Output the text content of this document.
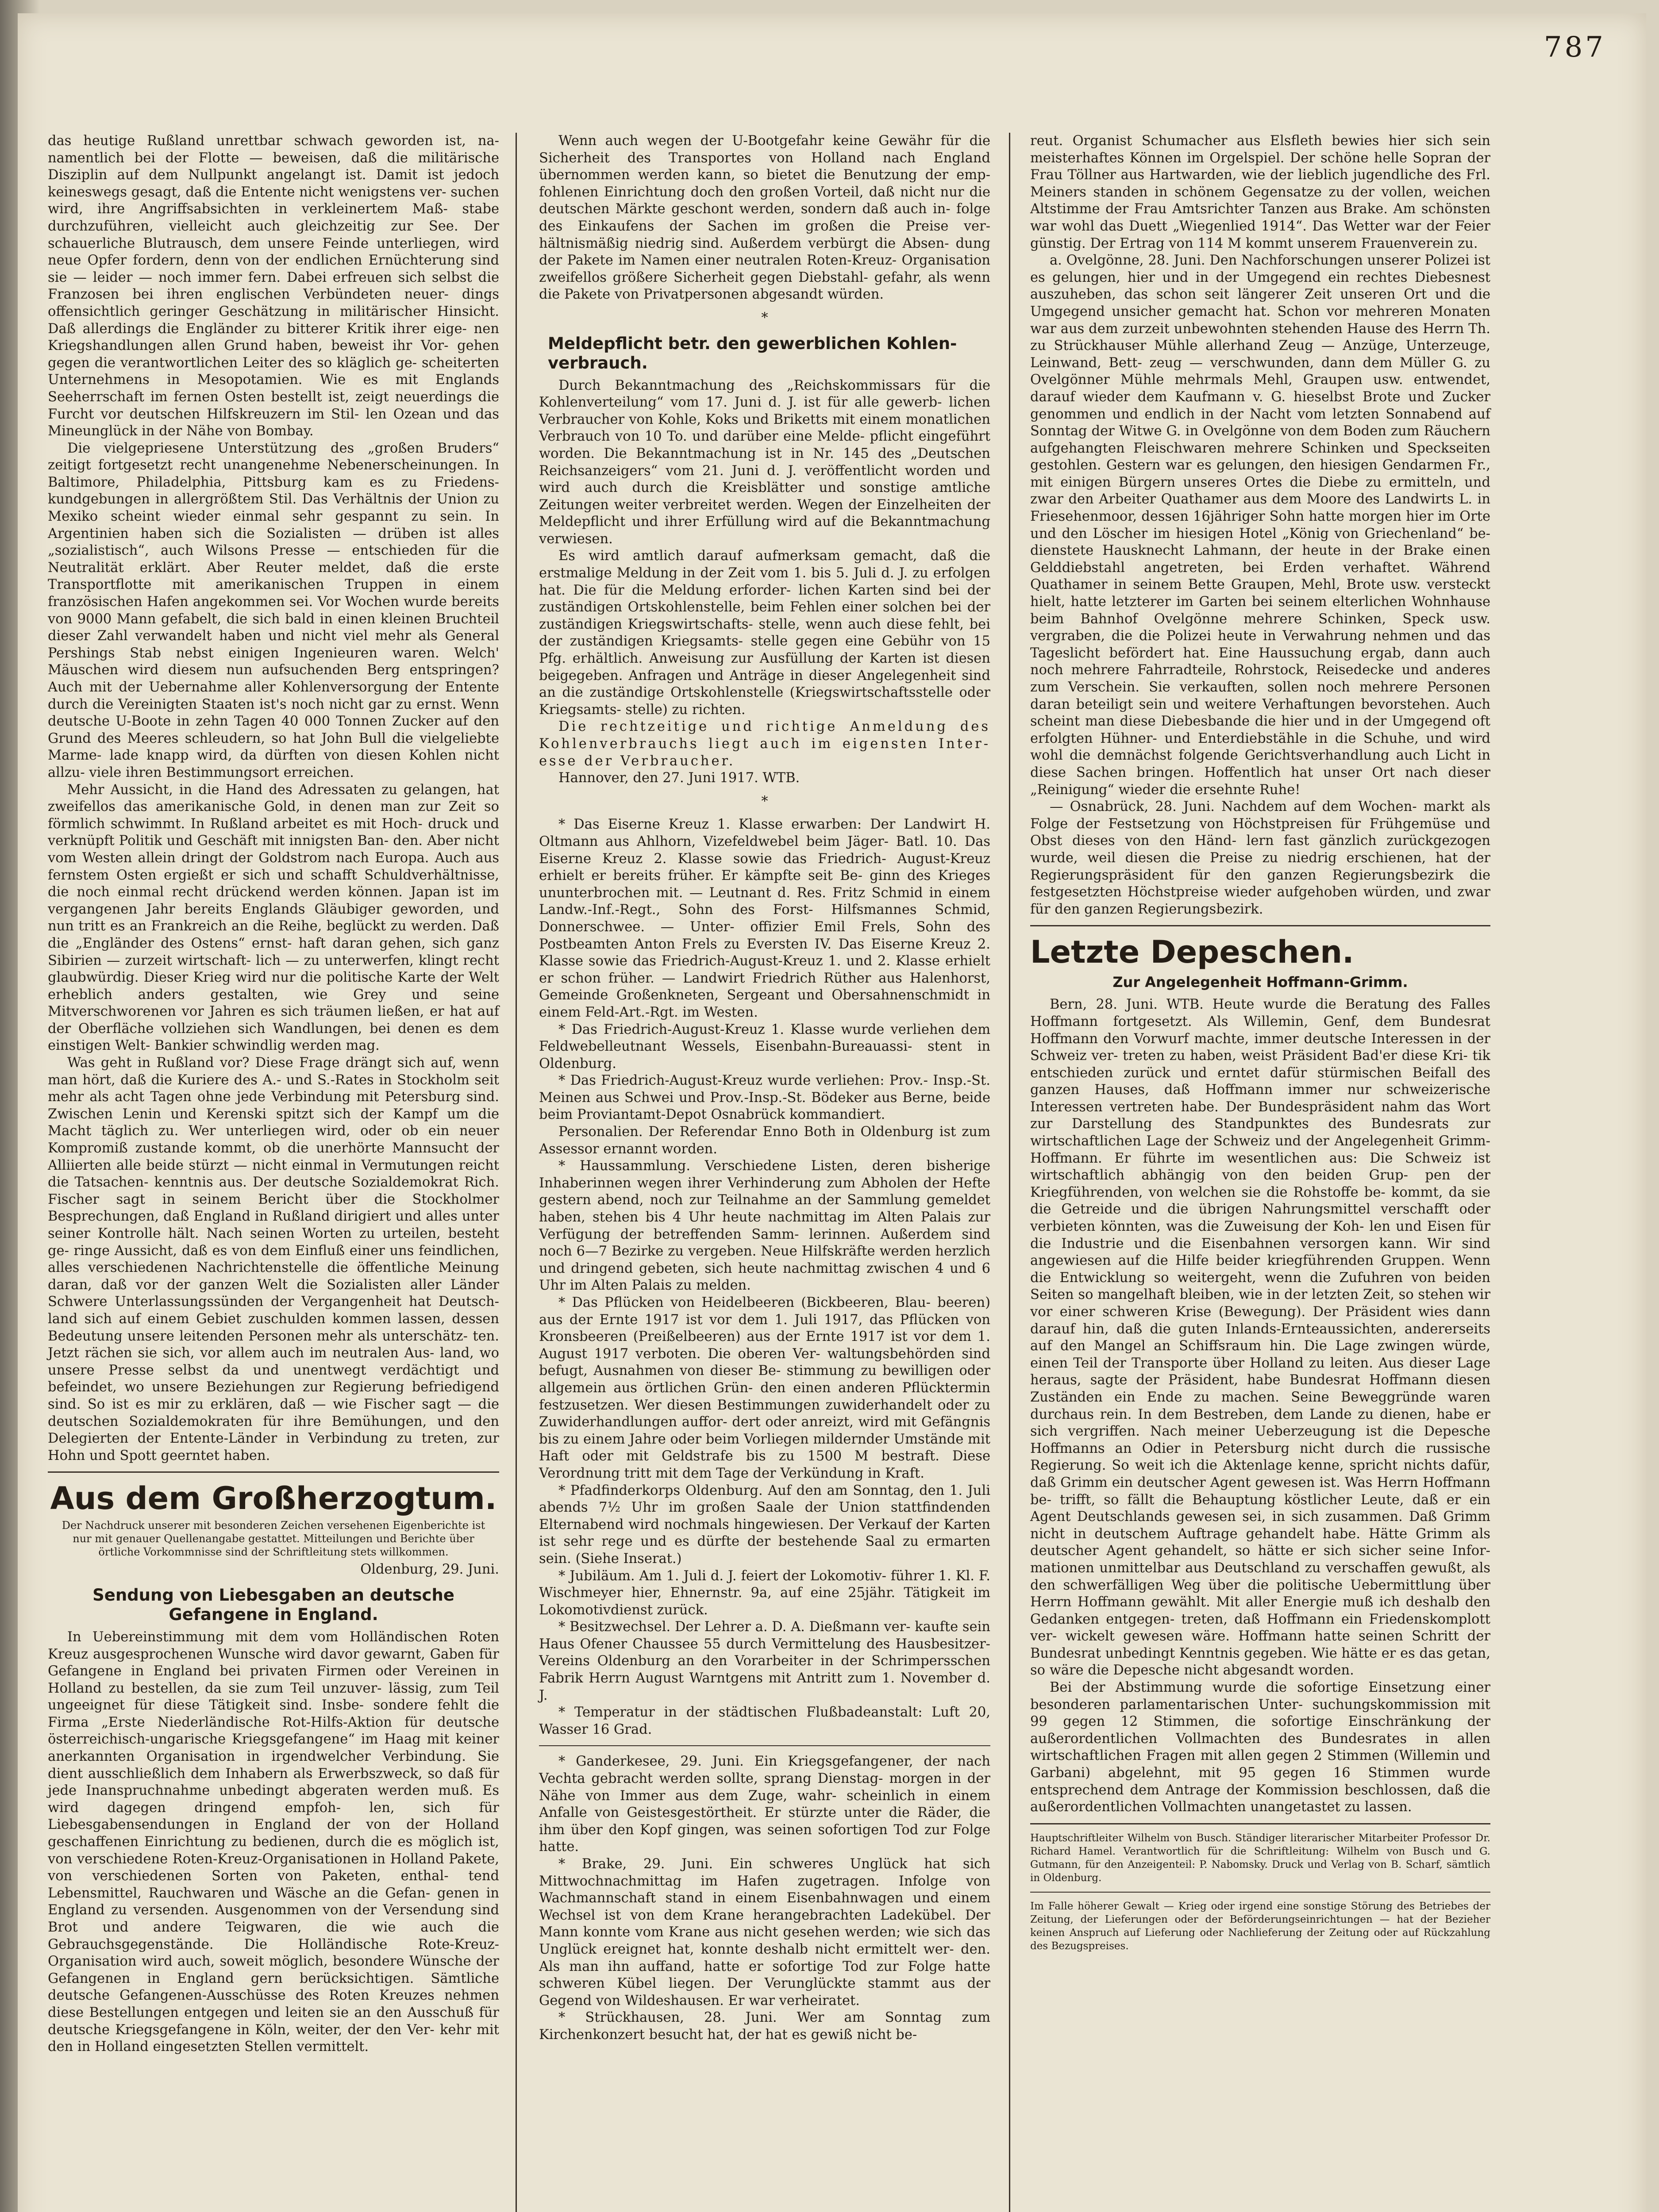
787

das heutige Rußland unrettbar schwach geworden ist, na- namentlich bei der Flotte — beweisen, daß die militärische Disziplin auf dem Nullpunkt angelangt ist. Damit ist jedoch keineswegs gesagt, daß die Entente nicht wenigstens ver- suchen wird, ihre Angriffsabsichten in verkleinertem Maß- stabe durchzuführen, vielleicht auch gleichzeitig zur See. Der schauerliche Blutrausch, dem unsere Feinde unterliegen, wird neue Opfer fordern, denn von der endlichen Ernüchterung sind sie — leider — noch immer fern. Dabei erfreuen sich selbst die Franzosen bei ihren englischen Verbündeten neuer- dings offensichtlich geringer Geschätzung in militärischer Hinsicht. Daß allerdings die Engländer zu bitterer Kritik ihrer eige- nen Kriegshandlungen allen Grund haben, beweist ihr Vor- gehen gegen die verantwortlichen Leiter des so kläglich ge- scheiterten Unternehmens in Mesopotamien. Wie es mit Englands Seeherrschaft im fernen Osten bestellt ist, zeigt neuerdings die Furcht vor deutschen Hilfskreuzern im Stil- len Ozean und das Mineunglück in der Nähe von Bombay.

Die vielgepriesene Unterstützung des „großen Bruders“ zeitigt fortgesetzt recht unangenehme Nebenerscheinungen. In Baltimore, Philadelphia, Pittsburg kam es zu Friedens- kundgebungen in allergrößtem Stil. Das Verhältnis der Union zu Mexiko scheint wieder einmal sehr gespannt zu sein. In Argentinien haben sich die Sozialisten — drüben ist alles „sozialistisch“, auch Wilsons Presse — entschieden für die Neutralität erklärt. Aber Reuter meldet, daß die erste Transportflotte mit amerikanischen Truppen in einem französischen Hafen angekommen sei. Vor Wochen wurde bereits von 9000 Mann gefabelt, die sich bald in einen kleinen Bruchteil dieser Zahl verwandelt haben und nicht viel mehr als General Pershings Stab nebst einigen Ingenieuren waren. Welch' Mäuschen wird diesem nun aufsuchenden Berg entspringen? Auch mit der Uebernahme aller Kohlenversorgung der Entente durch die Vereinigten Staaten ist's noch nicht gar zu ernst. Wenn deutsche U-Boote in zehn Tagen 40 000 Tonnen Zucker auf den Grund des Meeres schleudern, so hat John Bull die vielgeliebte Marme- lade knapp wird, da dürften von diesen Kohlen nicht allzu- viele ihren Bestimmungsort erreichen.

Mehr Aussicht, in die Hand des Adressaten zu gelangen, hat zweifellos das amerikanische Gold, in denen man zur Zeit so förmlich schwimmt. In Rußland arbeitet es mit Hoch- druck und verknüpft Politik und Geschäft mit innigsten Ban- den. Aber nicht vom Westen allein dringt der Goldstrom nach Europa. Auch aus fernstem Osten ergießt er sich und schafft Schuldverhältnisse, die noch einmal recht drückend werden können. Japan ist im vergangenen Jahr bereits Englands Gläubiger geworden, und nun tritt es an Frankreich an die Reihe, beglückt zu werden. Daß die „Engländer des Ostens“ ernst- haft daran gehen, sich ganz Sibirien — zurzeit wirtschaft- lich — zu unterwerfen, klingt recht glaubwürdig. Dieser Krieg wird nur die politische Karte der Welt erheblich anders gestalten, wie Grey und seine Mitverschworenen vor Jahren es sich träumen ließen, er hat auf der Oberfläche vollziehen sich Wandlungen, bei denen es dem einstigen Welt- Bankier schwindlig werden mag.

Was geht in Rußland vor? Diese Frage drängt sich auf, wenn man hört, daß die Kuriere des A.- und S.-Rates in Stockholm seit mehr als acht Tagen ohne jede Verbindung mit Petersburg sind. Zwischen Lenin und Kerenski spitzt sich der Kampf um die Macht täglich zu. Wer unterliegen wird, oder ob ein neuer Kompromiß zustande kommt, ob die unerhörte Mannsucht der Alliierten alle beide stürzt — nicht einmal in Vermutungen reicht die Tatsachen- kenntnis aus. Der deutsche Sozialdemokrat Rich. Fischer sagt in seinem Bericht über die Stockholmer Besprechungen, daß England in Rußland dirigiert und alles unter seiner Kontrolle hält. Nach seinen Worten zu urteilen, besteht ge- ringe Aussicht, daß es von dem Einfluß einer uns feindlichen, alles verschiedenen Nachrichtenstelle die öffentliche Meinung daran, daß vor der ganzen Welt die Sozialisten aller Länder Schwere Unterlassungssünden der Vergangenheit hat Deutsch- land sich auf einem Gebiet zuschulden kommen lassen, dessen Bedeutung unsere leitenden Personen mehr als unterschätz- ten. Jetzt rächen sie sich, vor allem auch im neutralen Aus- land, wo unsere Presse selbst da und unentwegt verdächtigt und befeindet, wo unsere Beziehungen zur Regierung befriedigend sind. So ist es mir zu erklären, daß — wie Fischer sagt — die deutschen Sozialdemokraten für ihre Bemühungen, und den Delegierten der Entente-Länder in Verbindung zu treten, zur Hohn und Spott geerntet haben.

Aus dem Großherzogtum.
Der Nachdruck unserer mit besonderen Zeichen versehenen Eigenberichte ist nur mit genauer Quellenangabe gestattet. Mitteilungen und Berichte über örtliche Vorkommnisse sind der Schriftleitung stets willkommen.
Oldenburg, 29. Juni.
Sendung von Liebesgaben an deutsche Gefangene in England.

In Uebereinstimmung mit dem vom Holländischen Roten Kreuz ausgesprochenen Wunsche wird davor gewarnt, Gaben für Gefangene in England bei privaten Firmen oder Vereinen in Holland zu bestellen, da sie zum Teil unzuver- lässig, zum Teil ungeeignet für diese Tätigkeit sind. Insbe- sondere fehlt die Firma „Erste Niederländische Rot-Hilfs-Aktion für deutsche österreichisch-ungarische Kriegsgefangene“ im Haag mit keiner anerkannten Organisation in irgendwelcher Verbindung. Sie dient ausschließlich dem Inhabern als Erwerbszweck, so daß für jede Inanspruchnahme unbedingt abgeraten werden muß. Es wird dagegen dringend empfoh- len, sich für Liebesgabensendungen in England der von der Holland geschaffenen Einrichtung zu bedienen, durch die es möglich ist, von verschiedene Roten-Kreuz-Organisationen in Holland Pakete, von verschiedenen Sorten von Paketen, enthal- tend Lebensmittel, Rauchwaren und Wäsche an die Gefan- genen in England zu versenden. Ausgenommen von der Versendung sind Brot und andere Teigwaren, die wie auch die Gebrauchsgegenstände. Die Holländische Rote-Kreuz- Organisation wird auch, soweit möglich, besondere Wünsche der Gefangenen in England gern berücksichtigen. Sämtliche deutsche Gefangenen-Ausschüsse des Roten Kreuzes nehmen diese Bestellungen entgegen und leiten sie an den Ausschuß für deutsche Kriegsgefangene in Köln, weiter, der den Ver- kehr mit den in Holland eingesetzten Stellen vermittelt.

Wenn auch wegen der U-Bootgefahr keine Gewähr für die Sicherheit des Transportes von Holland nach England übernommen werden kann, so bietet die Benutzung der emp- fohlenen Einrichtung doch den großen Vorteil, daß nicht nur die deutschen Märkte geschont werden, sondern daß auch in- folge des Einkaufens der Sachen im großen die Preise ver- hältnismäßig niedrig sind. Außerdem verbürgt die Absen- dung der Pakete im Namen einer neutralen Roten-Kreuz- Organisation zweifellos größere Sicherheit gegen Diebstahl- gefahr, als wenn die Pakete von Privatpersonen abgesandt würden.

*
Meldepflicht betr. den gewerblichen Kohlen- verbrauch.

Durch Bekanntmachung des „Reichskommissars für die Kohlenverteilung“ vom 17. Juni d. J. ist für alle gewerb- lichen Verbraucher von Kohle, Koks und Briketts mit einem monatlichen Verbrauch von 10 To. und darüber eine Melde- pflicht eingeführt worden. Die Bekanntmachung ist in Nr. 145 des „Deutschen Reichsanzeigers“ vom 21. Juni d. J. veröffentlicht worden und wird auch durch die Kreisblätter und sonstige amtliche Zeitungen weiter verbreitet werden. Wegen der Einzelheiten der Meldepflicht und ihrer Erfüllung wird auf die Bekanntmachung verwiesen.

Es wird amtlich darauf aufmerksam gemacht, daß die erstmalige Meldung in der Zeit vom 1. bis 5. Juli d. J. zu erfolgen hat. Die für die Meldung erforder- lichen Karten sind bei der zuständigen Ortskohlenstelle, beim Fehlen einer solchen bei der zuständigen Kriegswirtschafts- stelle, wenn auch diese fehlt, bei der zuständigen Kriegsamts- stelle gegen eine Gebühr von 15 Pfg. erhältlich. Anweisung zur Ausfüllung der Karten ist diesen beigegeben. Anfragen und Anträge in dieser Angelegenheit sind an die zuständige Ortskohlenstelle (Kriegswirtschaftsstelle oder Kriegsamts- stelle) zu richten.

Die rechtzeitige und richtige Anmeldung des Kohlenverbrauchs liegt auch im eigensten Inter- esse der Verbraucher.

Hannover, den 27. Juni 1917. WTB.
*

* Das Eiserne Kreuz 1. Klasse erwarben: Der Landwirt H. Oltmann aus Ahlhorn, Vizefeldwebel beim Jäger- Batl. 10. Das Eiserne Kreuz 2. Klasse sowie das Friedrich- August-Kreuz erhielt er bereits früher. Er kämpfte seit Be- ginn des Krieges ununterbrochen mit. — Leutnant d. Res. Fritz Schmid in einem Landw.-Inf.-Regt., Sohn des Forst- Hilfsmannes Schmid, Donnerschwee. — Unter- offizier Emil Frels, Sohn des Postbeamten Anton Frels zu Eversten IV. Das Eiserne Kreuz 2. Klasse sowie das Friedrich-August-Kreuz 1. und 2. Klasse erhielt er schon früher. — Landwirt Friedrich Rüther aus Halenhorst, Gemeinde Großenkneten, Sergeant und Obersahnenschmidt in einem Feld-Art.-Rgt. im Westen.

* Das Friedrich-August-Kreuz 1. Klasse wurde verliehen dem Feldwebelleutnant Wessels, Eisenbahn-Bureauassi- stent in Oldenburg.

* Das Friedrich-August-Kreuz wurde verliehen: Prov.- Insp.-St. Meinen aus Schwei und Prov.-Insp.-St. Bödeker aus Berne, beide beim Proviantamt-Depot Osnabrück kommandiert.

Personalien. Der Referendar Enno Both in Oldenburg ist zum Assessor ernannt worden.

* Haussammlung. Verschiedene Listen, deren bisherige Inhaberinnen wegen ihrer Verhinderung zum Abholen der Hefte gestern abend, noch zur Teilnahme an der Sammlung gemeldet haben, stehen bis 4 Uhr heute nachmittag im Alten Palais zur Verfügung der betreffenden Samm- lerinnen. Außerdem sind noch 6—7 Bezirke zu vergeben. Neue Hilfskräfte werden herzlich und dringend gebeten, sich heute nachmittag zwischen 4 und 6 Uhr im Alten Palais zu melden.

* Das Pflücken von Heidelbeeren (Bickbeeren, Blau- beeren) aus der Ernte 1917 ist vor dem 1. Juli 1917, das Pflücken von Kronsbeeren (Preißelbeeren) aus der Ernte 1917 ist vor dem 1. August 1917 verboten. Die oberen Ver- waltungsbehörden sind befugt, Ausnahmen von dieser Be- stimmung zu bewilligen oder allgemein aus örtlichen Grün- den einen anderen Pflücktermin festzusetzen. Wer diesen Bestimmungen zuwiderhandelt oder zu Zuwiderhandlungen auffor- dert oder anreizt, wird mit Gefängnis bis zu einem Jahre oder beim Vorliegen mildernder Umstände mit Haft oder mit Geldstrafe bis zu 1500 M bestraft. Diese Verordnung tritt mit dem Tage der Verkündung in Kraft.

* Pfadfinderkorps Oldenburg. Auf den am Sonntag, den 1. Juli abends 7½ Uhr im großen Saale der Union stattfindenden Elternabend wird nochmals hingewiesen. Der Verkauf der Karten ist sehr rege und es dürfte der bestehende Saal zu ermarten sein. (Siehe Inserat.)

* Jubiläum. Am 1. Juli d. J. feiert der Lokomotiv- führer 1. Kl. F. Wischmeyer hier, Ehnernstr. 9a, auf eine 25jähr. Tätigkeit im Lokomotivdienst zurück.

* Besitzwechsel. Der Lehrer a. D. A. Dießmann ver- kaufte sein Haus Ofener Chaussee 55 durch Vermittelung des Hausbesitzer-Vereins Oldenburg an den Vorarbeiter in der Schrimpersschen Fabrik Herrn August Warntgens mit Antritt zum 1. November d. J.

* Temperatur in der städtischen Flußbadeanstalt: Luft 20, Wasser 16 Grad.

* Ganderkesee, 29. Juni. Ein Kriegsgefangener, der nach Vechta gebracht werden sollte, sprang Dienstag- morgen in der Nähe von Immer aus dem Zuge, wahr- scheinlich in einem Anfalle von Geistesgestörtheit. Er stürzte unter die Räder, die ihm über den Kopf gingen, was seinen sofortigen Tod zur Folge hatte.

* Brake, 29. Juni. Ein schweres Unglück hat sich Mittwochnachmittag im Hafen zugetragen. Infolge von Wachmannschaft stand in einem Eisenbahnwagen und einem Wechsel ist von dem Krane herangebrachten Ladekübel. Der Mann konnte vom Krane aus nicht gesehen werden; wie sich das Unglück ereignet hat, konnte deshalb nicht ermittelt wer- den. Als man ihn auffand, hatte er sofortige Tod zur Folge hatte schweren Kübel liegen. Der Verunglückte stammt aus der Gegend von Wildeshausen. Er war verheiratet.

* Strückhausen, 28. Juni. Wer am Sonntag zum Kirchenkonzert besucht hat, der hat es gewiß nicht be-

reut. Organist Schumacher aus Elsfleth bewies hier sich sein meisterhaftes Können im Orgelspiel. Der schöne helle Sopran der Frau Töllner aus Hartwarden, wie der lieblich jugendliche des Frl. Meiners standen in schönem Gegensatze zu der vollen, weichen Altstimme der Frau Amtsrichter Tanzen aus Brake. Am schönsten war wohl das Duett „Wiegenlied 1914“. Das Wetter war der Feier günstig. Der Ertrag von 114 M kommt unserem Frauenverein zu.

a. Ovelgönne, 28. Juni. Den Nachforschungen unserer Polizei ist es gelungen, hier und in der Umgegend ein rechtes Diebesnest auszuheben, das schon seit längerer Zeit unseren Ort und die Umgegend unsicher gemacht hat. Schon vor mehreren Monaten war aus dem zurzeit unbewohnten stehenden Hause des Herrn Th. zu Strückhauser Mühle allerhand Zeug — Anzüge, Unterzeuge, Leinwand, Bett- zeug — verschwunden, dann dem Müller G. zu Ovelgönner Mühle mehrmals Mehl, Graupen usw. entwendet, darauf wieder dem Kaufmann v. G. hieselbst Brote und Zucker genommen und endlich in der Nacht vom letzten Sonnabend auf Sonntag der Witwe G. in Ovelgönne von dem Boden zum Räuchern aufgehangten Fleischwaren mehrere Schinken und Speckseiten gestohlen. Gestern war es gelungen, den hiesigen Gendarmen Fr., mit einigen Bürgern unseres Ortes die Diebe zu ermitteln, und zwar den Arbeiter Quathamer aus dem Moore des Landwirts L. in Friesehenmoor, dessen 16jähriger Sohn hatte morgen hier im Orte und den Löscher im hiesigen Hotel „König von Griechenland“ be- dienstete Hausknecht Lahmann, der heute in der Brake einen Gelddiebstahl angetreten, bei Erden verhaftet. Während Quathamer in seinem Bette Graupen, Mehl, Brote usw. versteckt hielt, hatte letzterer im Garten bei seinem elterlichen Wohnhause beim Bahnhof Ovelgönne mehrere Schinken, Speck usw. vergraben, die die Polizei heute in Verwahrung nehmen und das Tageslicht befördert hat. Eine Haussuchung ergab, dann auch noch mehrere Fahrradteile, Rohrstock, Reisedecke und anderes zum Verschein. Sie verkauften, sollen noch mehrere Personen daran beteiligt sein und weitere Verhaftungen bevorstehen. Auch scheint man diese Diebesbande die hier und in der Umgegend oft erfolgten Hühner- und Enterdiebstähle in die Schuhe, und wird wohl die demnächst folgende Gerichtsverhandlung auch Licht in diese Sachen bringen. Hoffentlich hat unser Ort nach dieser „Reinigung“ wieder die ersehnte Ruhe!

— Osnabrück, 28. Juni. Nachdem auf dem Wochen- markt als Folge der Festsetzung von Höchstpreisen für Frühgemüse und Obst dieses von den Händ- lern fast gänzlich zurückgezogen wurde, weil diesen die Preise zu niedrig erschienen, hat der Regierungspräsident für den ganzen Regierungsbezirk die festgesetzten Höchstpreise wieder aufgehoben würden, und zwar für den ganzen Regierungsbezirk.

Letzte Depeschen.
Zur Angelegenheit Hoffmann-Grimm.

Bern, 28. Juni. WTB. Heute wurde die Beratung des Falles Hoffmann fortgesetzt. Als Willemin, Genf, dem Bundesrat Hoffmann den Vorwurf machte, immer deutsche Interessen in der Schweiz ver- treten zu haben, weist Präsident Bad'er diese Kri- tik entschieden zurück und erntet dafür stürmischen Beifall des ganzen Hauses, daß Hoffmann immer nur schweizerische Interessen vertreten habe. Der Bundespräsident nahm das Wort zur Darstellung des Standpunktes des Bundesrats zur wirtschaftlichen Lage der Schweiz und der Angelegenheit Grimm-Hoffmann. Er führte im wesentlichen aus: Die Schweiz ist wirtschaftlich abhängig von den beiden Grup- pen der Kriegführenden, von welchen sie die Rohstoffe be- kommt, da sie die Getreide und die übrigen Nahrungsmittel verschafft oder verbieten könnten, was die Zuweisung der Koh- len und Eisen für die Industrie und die Eisenbahnen versorgen kann. Wir sind angewiesen auf die Hilfe beider kriegführenden Gruppen. Wenn die Entwicklung so weitergeht, wenn die Zufuhren von beiden Seiten so mangelhaft bleiben, wie in der letzten Zeit, so stehen wir vor einer schweren Krise (Bewegung). Der Präsident wies dann darauf hin, daß die guten Inlands-Ernteaussichten, andererseits auf den Mangel an Schiffsraum hin. Die Lage zwingen würde, einen Teil der Transporte über Holland zu leiten. Aus dieser Lage heraus, sagte der Präsident, habe Bundesrat Hoffmann diesen Zuständen ein Ende zu machen. Seine Beweggründe waren durchaus rein. In dem Bestreben, dem Lande zu dienen, habe er sich vergriffen. Nach meiner Ueberzeugung ist die Depesche Hoffmanns an Odier in Petersburg nicht durch die russische Regierung. So weit ich die Aktenlage kenne, spricht nichts dafür, daß Grimm ein deutscher Agent gewesen ist. Was Herrn Hoffmann be- trifft, so fällt die Behauptung köstlicher Leute, daß er ein Agent Deutschlands gewesen sei, in sich zusammen. Daß Grimm nicht in deutschem Auftrage gehandelt habe. Hätte Grimm als deutscher Agent gehandelt, so hätte er sich sicher seine Infor- mationen unmittelbar aus Deutschland zu verschaffen gewußt, als den schwerfälligen Weg über die politische Uebermittlung über Herrn Hoffmann gewählt. Mit aller Energie muß ich deshalb den Gedanken entgegen- treten, daß Hoffmann ein Friedenskomplott ver- wickelt gewesen wäre. Hoffmann hatte seinen Schritt der Bundesrat unbedingt Kenntnis gegeben. Wie hätte er es das getan, so wäre die Depesche nicht abgesandt worden.

Bei der Abstimmung wurde die sofortige Einsetzung einer besonderen parlamentarischen Unter- suchungskommission mit 99 gegen 12 Stimmen, die sofortige Einschränkung der außerordentlichen Vollmachten des Bundesrates in allen wirtschaftlichen Fragen mit allen gegen 2 Stimmen (Willemin und Garbani) abgelehnt, mit 95 gegen 16 Stimmen wurde entsprechend dem Antrage der Kommission beschlossen, daß die außerordentlichen Vollmachten unangetastet zu lassen.

Hauptschriftleiter Wilhelm von Busch. Ständiger literarischer Mitarbeiter Professor Dr. Richard Hamel. Verantwortlich für die Schriftleitung: Wilhelm von Busch und G. Gutmann, für den Anzeigenteil: P. Nabomsky. Druck und Verlag von B. Scharf, sämtlich in Oldenburg.
Im Falle höherer Gewalt — Krieg oder irgend eine sonstige Störung des Betriebes der Zeitung, der Lieferungen oder der Beförderungseinrichtungen — hat der Bezieher keinen Anspruch auf Lieferung oder Nachlieferung der Zeitung oder auf Rückzahlung des Bezugspreises.
